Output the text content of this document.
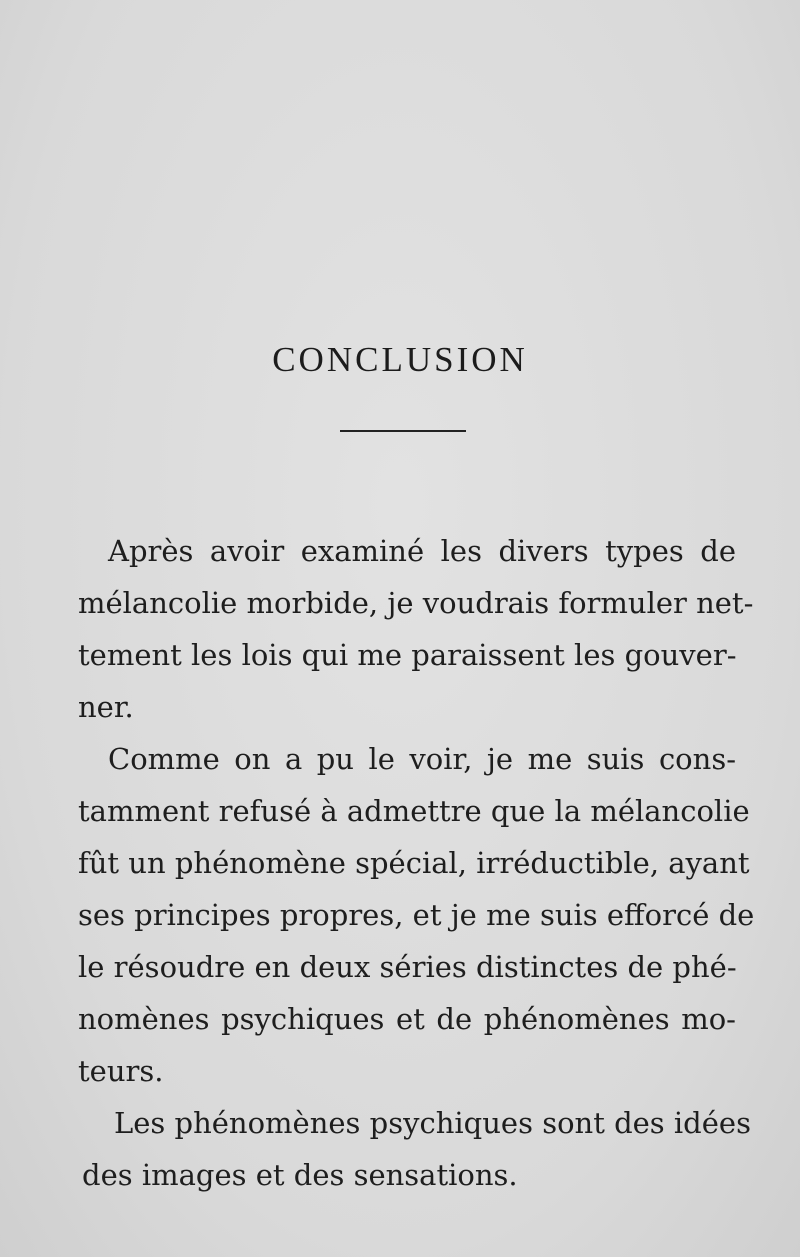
CONCLUSION
Après avoir examiné les divers types de
mélancolie morbide, je voudrais formuler net-
tement les lois qui me paraissent les gouver-
ner.
Comme on a pu le voir, je me suis cons-
tamment refusé à admettre que la mélancolie
fût un phénomène spécial, irréductible, ayant
ses principes propres, et je me suis efforcé de
le résoudre en deux séries distinctes de phé-
nomènes psychiques et de phénomènes mo-
teurs.
Les phénomènes psychiques sont des idées
des images et des sensations.
